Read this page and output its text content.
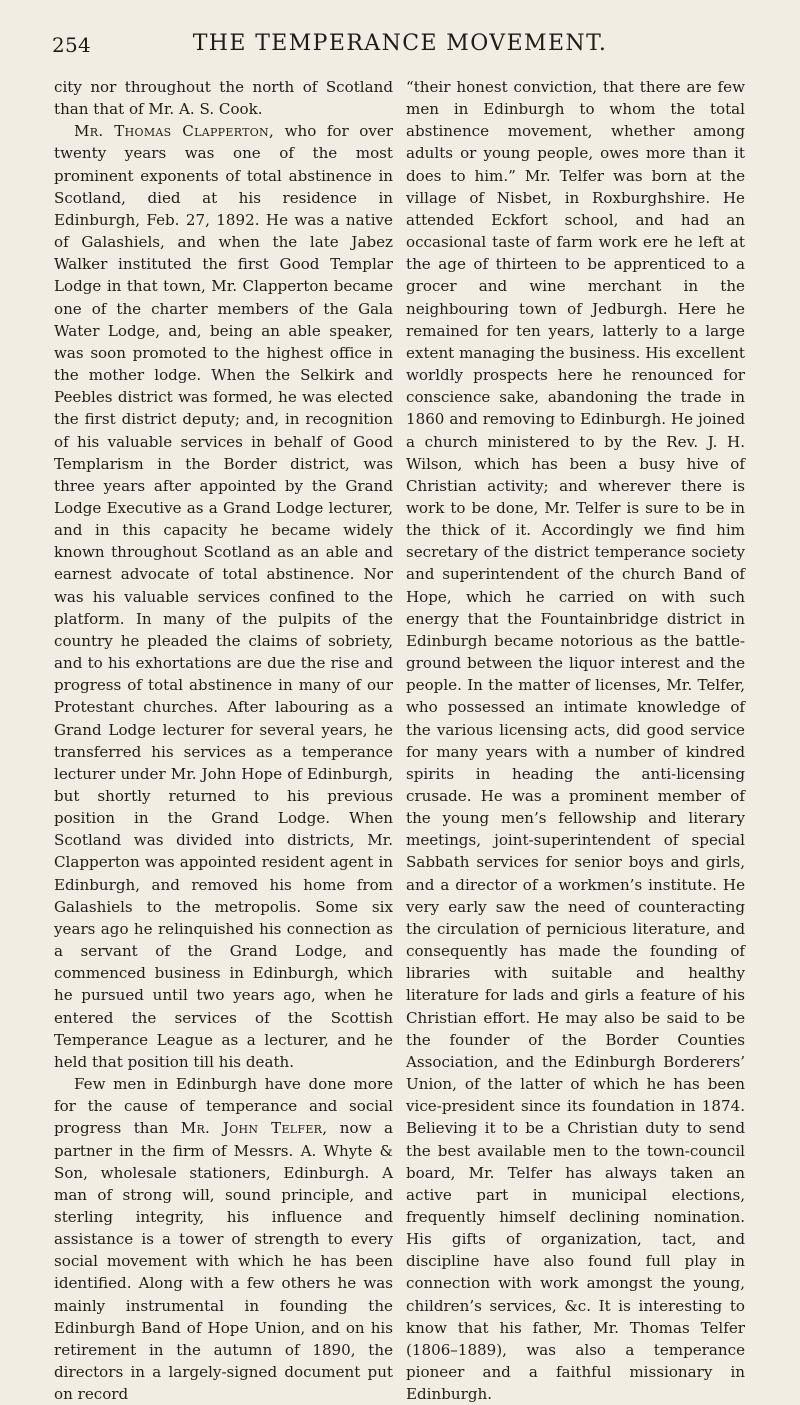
254	THE TEMPERANCE MOVEMENT.

city nor throughout the north of Scotland than that of Mr. A. S. Cook.

Mr. Thomas Clapperton, who for over twenty years was one of the most prominent exponents of total abstinence in Scotland, died at his residence in Edinburgh, Feb. 27, 1892. He was a native of Galashiels, and when the late Jabez Walker instituted the first Good Templar Lodge in that town, Mr. Clapperton became one of the charter members of the Gala Water Lodge, and, being an able speaker, was soon promoted to the highest office in the mother lodge. When the Selkirk and Peebles district was formed, he was elected the first district deputy; and, in recognition of his valuable services in behalf of Good Templarism in the Border district, was three years after appointed by the Grand Lodge Executive as a Grand Lodge lecturer, and in this capacity he became widely known throughout Scotland as an able and earnest advocate of total abstinence. Nor was his valuable services confined to the platform. In many of the pulpits of the country he pleaded the claims of sobriety, and to his exhortations are due the rise and progress of total abstinence in many of our Protestant churches. After labouring as a Grand Lodge lecturer for several years, he transferred his services as a temperance lecturer under Mr. John Hope of Edinburgh, but shortly returned to his previous position in the Grand Lodge. When Scotland was divided into districts, Mr. Clapperton was appointed resident agent in Edinburgh, and removed his home from Galashiels to the metropolis. Some six years ago he relinquished his connection as a servant of the Grand Lodge, and commenced business in Edinburgh, which he pursued until two years ago, when he entered the services of the Scottish Temperance League as a lecturer, and he held that position till his death.

Few men in Edinburgh have done more for the cause of temperance and social progress than Mr. John Telfer, now a partner in the firm of Messrs. A. Whyte & Son, wholesale stationers, Edinburgh. A man of strong will, sound principle, and sterling integrity, his influence and assistance is a tower of strength to every social movement with which he has been identified. Along with a few others he was mainly instrumental in founding the Edinburgh Band of Hope Union, and on his retirement in the autumn of 1890, the directors in a largely-signed document put on record

“their honest conviction, that there are few men in Edinburgh to whom the total abstinence movement, whether among adults or young people, owes more than it does to him.” Mr. Telfer was born at the village of Nisbet, in Roxburghshire. He attended Eckfort school, and had an occasional taste of farm work ere he left at the age of thirteen to be apprenticed to a grocer and wine merchant in the neighbouring town of Jedburgh. Here he remained for ten years, latterly to a large extent managing the business. His excellent worldly prospects here he renounced for conscience sake, abandoning the trade in 1860 and removing to Edinburgh. He joined a church ministered to by the Rev. J. H. Wilson, which has been a busy hive of Christian activity; and wherever there is work to be done, Mr. Telfer is sure to be in the thick of it. Accordingly we find him secretary of the district temperance society and superintendent of the church Band of Hope, which he carried on with such energy that the Fountainbridge district in Edinburgh became notorious as the battle-ground between the liquor interest and the people. In the matter of licenses, Mr. Telfer, who possessed an intimate knowledge of the various licensing acts, did good service for many years with a number of kindred spirits in heading the anti-licensing crusade. He was a prominent member of the young men’s fellowship and literary meetings, joint-superintendent of special Sabbath services for senior boys and girls, and a director of a workmen’s institute. He very early saw the need of counteracting the circulation of pernicious literature, and consequently has made the founding of libraries with suitable and healthy literature for lads and girls a feature of his Christian effort. He may also be said to be the founder of the Border Counties Association, and the Edinburgh Borderers’ Union, of the latter of which he has been vice-president since its foundation in 1874. Believing it to be a Christian duty to send the best available men to the town-council board, Mr. Telfer has always taken an active part in municipal elections, frequently himself declining nomination. His gifts of organization, tact, and discipline have also found full play in connection with work amongst the young, children’s services, &c. It is interesting to know that his father, Mr. Thomas Telfer (1806–1889), was also a temperance pioneer and a faithful missionary in Edinburgh.
